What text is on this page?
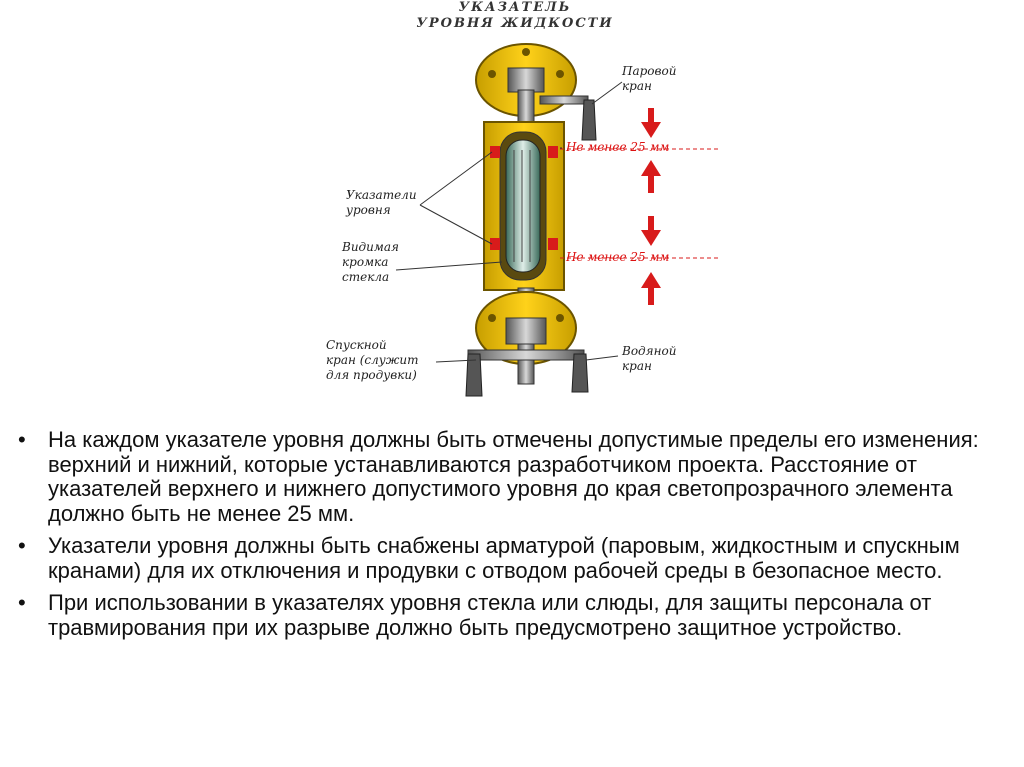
УКАЗАТЕЛЬ
УРОВНЯ ЖИДКОСТИ
Паровой
кран
Указатели
уровня
Видимая
кромка
стекла
Спускной
кран (служит
для продувки)
Водяной
кран
Не менее 25 мм
Не менее 25 мм
• На каждом указателе уровня должны быть отмечены допустимые пределы его изменения: верхний и нижний, которые устанавливаются разработчиком проекта. Расстояние от указателей верхнего и нижнего допустимого уровня до края светопрозрачного элемента должно быть не менее 25 мм.
• Указатели уровня должны быть снабжены арматурой (паровым, жидкостным и спускным кранами) для их отключения и продувки с отводом рабочей среды в безопасное место.
• При использовании в указателях уровня стекла или слюды, для защиты персонала от травмирования при их разрыве должно быть предусмотрено защитное устройство.
